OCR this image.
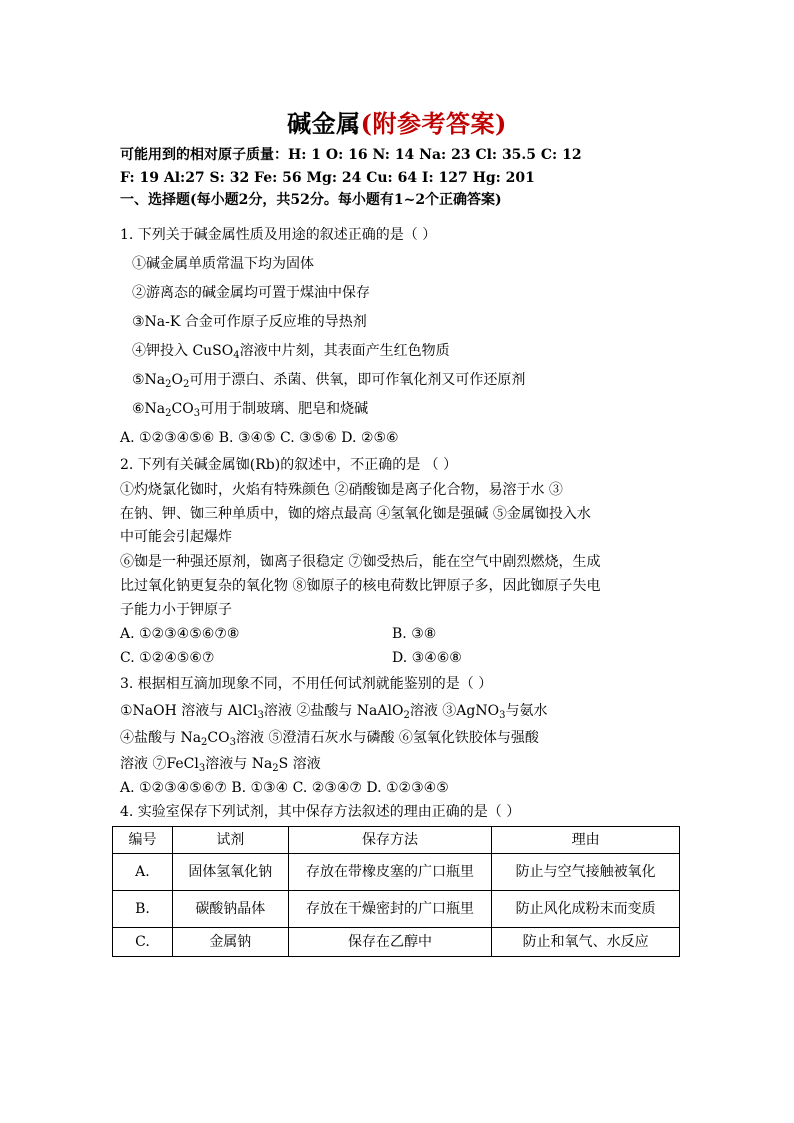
碱金属(附参考答案)
可能用到的相对原子质量：H: 1 O: 16 N: 14 Na: 23 Cl: 35.5 C: 12
F: 19 Al:27 S: 32 Fe: 56 Mg: 24 Cu: 64 I: 127 Hg: 201
一、选择题(每小题2分，共52分。每小题有1~2个正确答案)
1. 下列关于碱金属性质及用途的叙述正确的是（ ）
①碱金属单质常温下均为固体
②游离态的碱金属均可置于煤油中保存
③Na-K 合金可作原子反应堆的导热剂
④钾投入 CuSO$_4$溶液中片刻，其表面产生红色物质
$⑤Na_2O_2$可用于漂白、杀菌、供氧，即可作氧化剂又可作还原剂
$⑥Na_2CO_3$可用于制玻璃、肥皂和烧碱
A. ①②③④⑤⑥ B. ③④⑤ C. ③⑤⑥ D. ②⑤⑥
2. 下列有关碱金属铷(Rb)的叙述中，不正确的是 （ ）
①灼烧氯化铷时，火焰有特殊颜色 ②硝酸铷是离子化合物，易溶于水 ③
在钠、钾、铷三种单质中，铷的熔点最高 ④氢氧化铷是强碱 ⑤金属铷投入水
中可能会引起爆炸
⑥铷是一种强还原剂，铷离子很稳定 ⑦铷受热后，能在空气中剧烈燃烧，生成
比过氧化钠更复杂的氧化物 ⑧铷原子的核电荷数比钾原子多，因此铷原子失电
子能力小于钾原子
A. ①②③④⑤⑥⑦⑧	B. ③⑧
C. ①②④⑤⑥⑦	D. ③④⑥⑧
3. 根据相互滴加现象不同，不用任何试剂就能鉴别的是（ ）
①NaOH 溶液与 AlCl$_3$溶液 ②盐酸与 NaAlO$_2$溶液 ③AgNO$_3$与氨水
④盐酸与 $Na_2CO_3$溶液 ⑤澄清石灰水与磷酸 ⑥氢氧化铁胶体与强酸
溶液 ⑦FeCl$_3$溶液与 $Na_2S$ 溶液
A. ①②③④⑤⑥⑦ B. ①③④ C. ②③④⑦ D. ①②③④⑤
4. 实验室保存下列试剂，其中保存方法叙述的理由正确的是（ ）
编号	试剂	保存方法	理由
A.	固体氢氧化钠	存放在带橡皮塞的广口瓶里	防止与空气接触被氧化
B.	碳酸钠晶体	存放在干燥密封的广口瓶里	防止风化成粉末而变质
C.	金属钠	保存在乙醇中	防止和氧气、水反应
